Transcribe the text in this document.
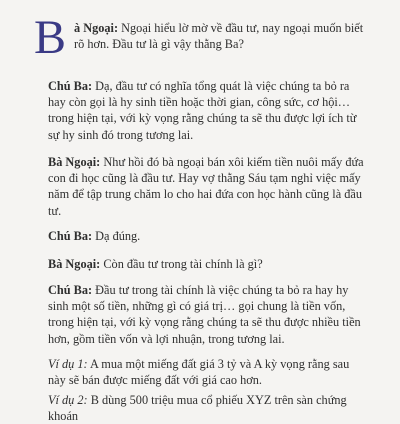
B à Ngoại: Ngoại hiểu lờ mờ về đầu tư, nay ngoại muốn biết rõ hơn. Đầu tư là gì vậy thằng Ba?

Chú Ba: Dạ, đầu tư có nghĩa tổng quát là việc chúng ta bỏ ra hay còn gọi là hy sinh tiền hoặc thời gian, công sức, cơ hội… trong hiện tại, với kỳ vọng rằng chúng ta sẽ thu được lợi ích từ sự hy sinh đó trong tương lai.

Bà Ngoại: Như hồi đó bà ngoại bán xôi kiếm tiền nuôi mấy đứa con đi học cũng là đầu tư. Hay vợ thằng Sáu tạm nghỉ việc mấy năm để tập trung chăm lo cho hai đứa con học hành cũng là đầu tư.

Chú Ba: Dạ đúng.

Bà Ngoại: Còn đầu tư trong tài chính là gì?

Chú Ba: Đầu tư trong tài chính là việc chúng ta bỏ ra hay hy sinh một số tiền, những gì có giá trị… gọi chung là tiền vốn, trong hiện tại, với kỳ vọng rằng chúng ta sẽ thu được nhiều tiền hơn, gồm tiền vốn và lợi nhuận, trong tương lai.

Ví dụ 1: A mua một miếng đất giá 3 tỷ và A kỳ vọng rằng sau này sẽ bán được miếng đất với giá cao hơn.

Ví dụ 2: B dùng 500 triệu mua cổ phiếu XYZ trên sàn chứng khoán
